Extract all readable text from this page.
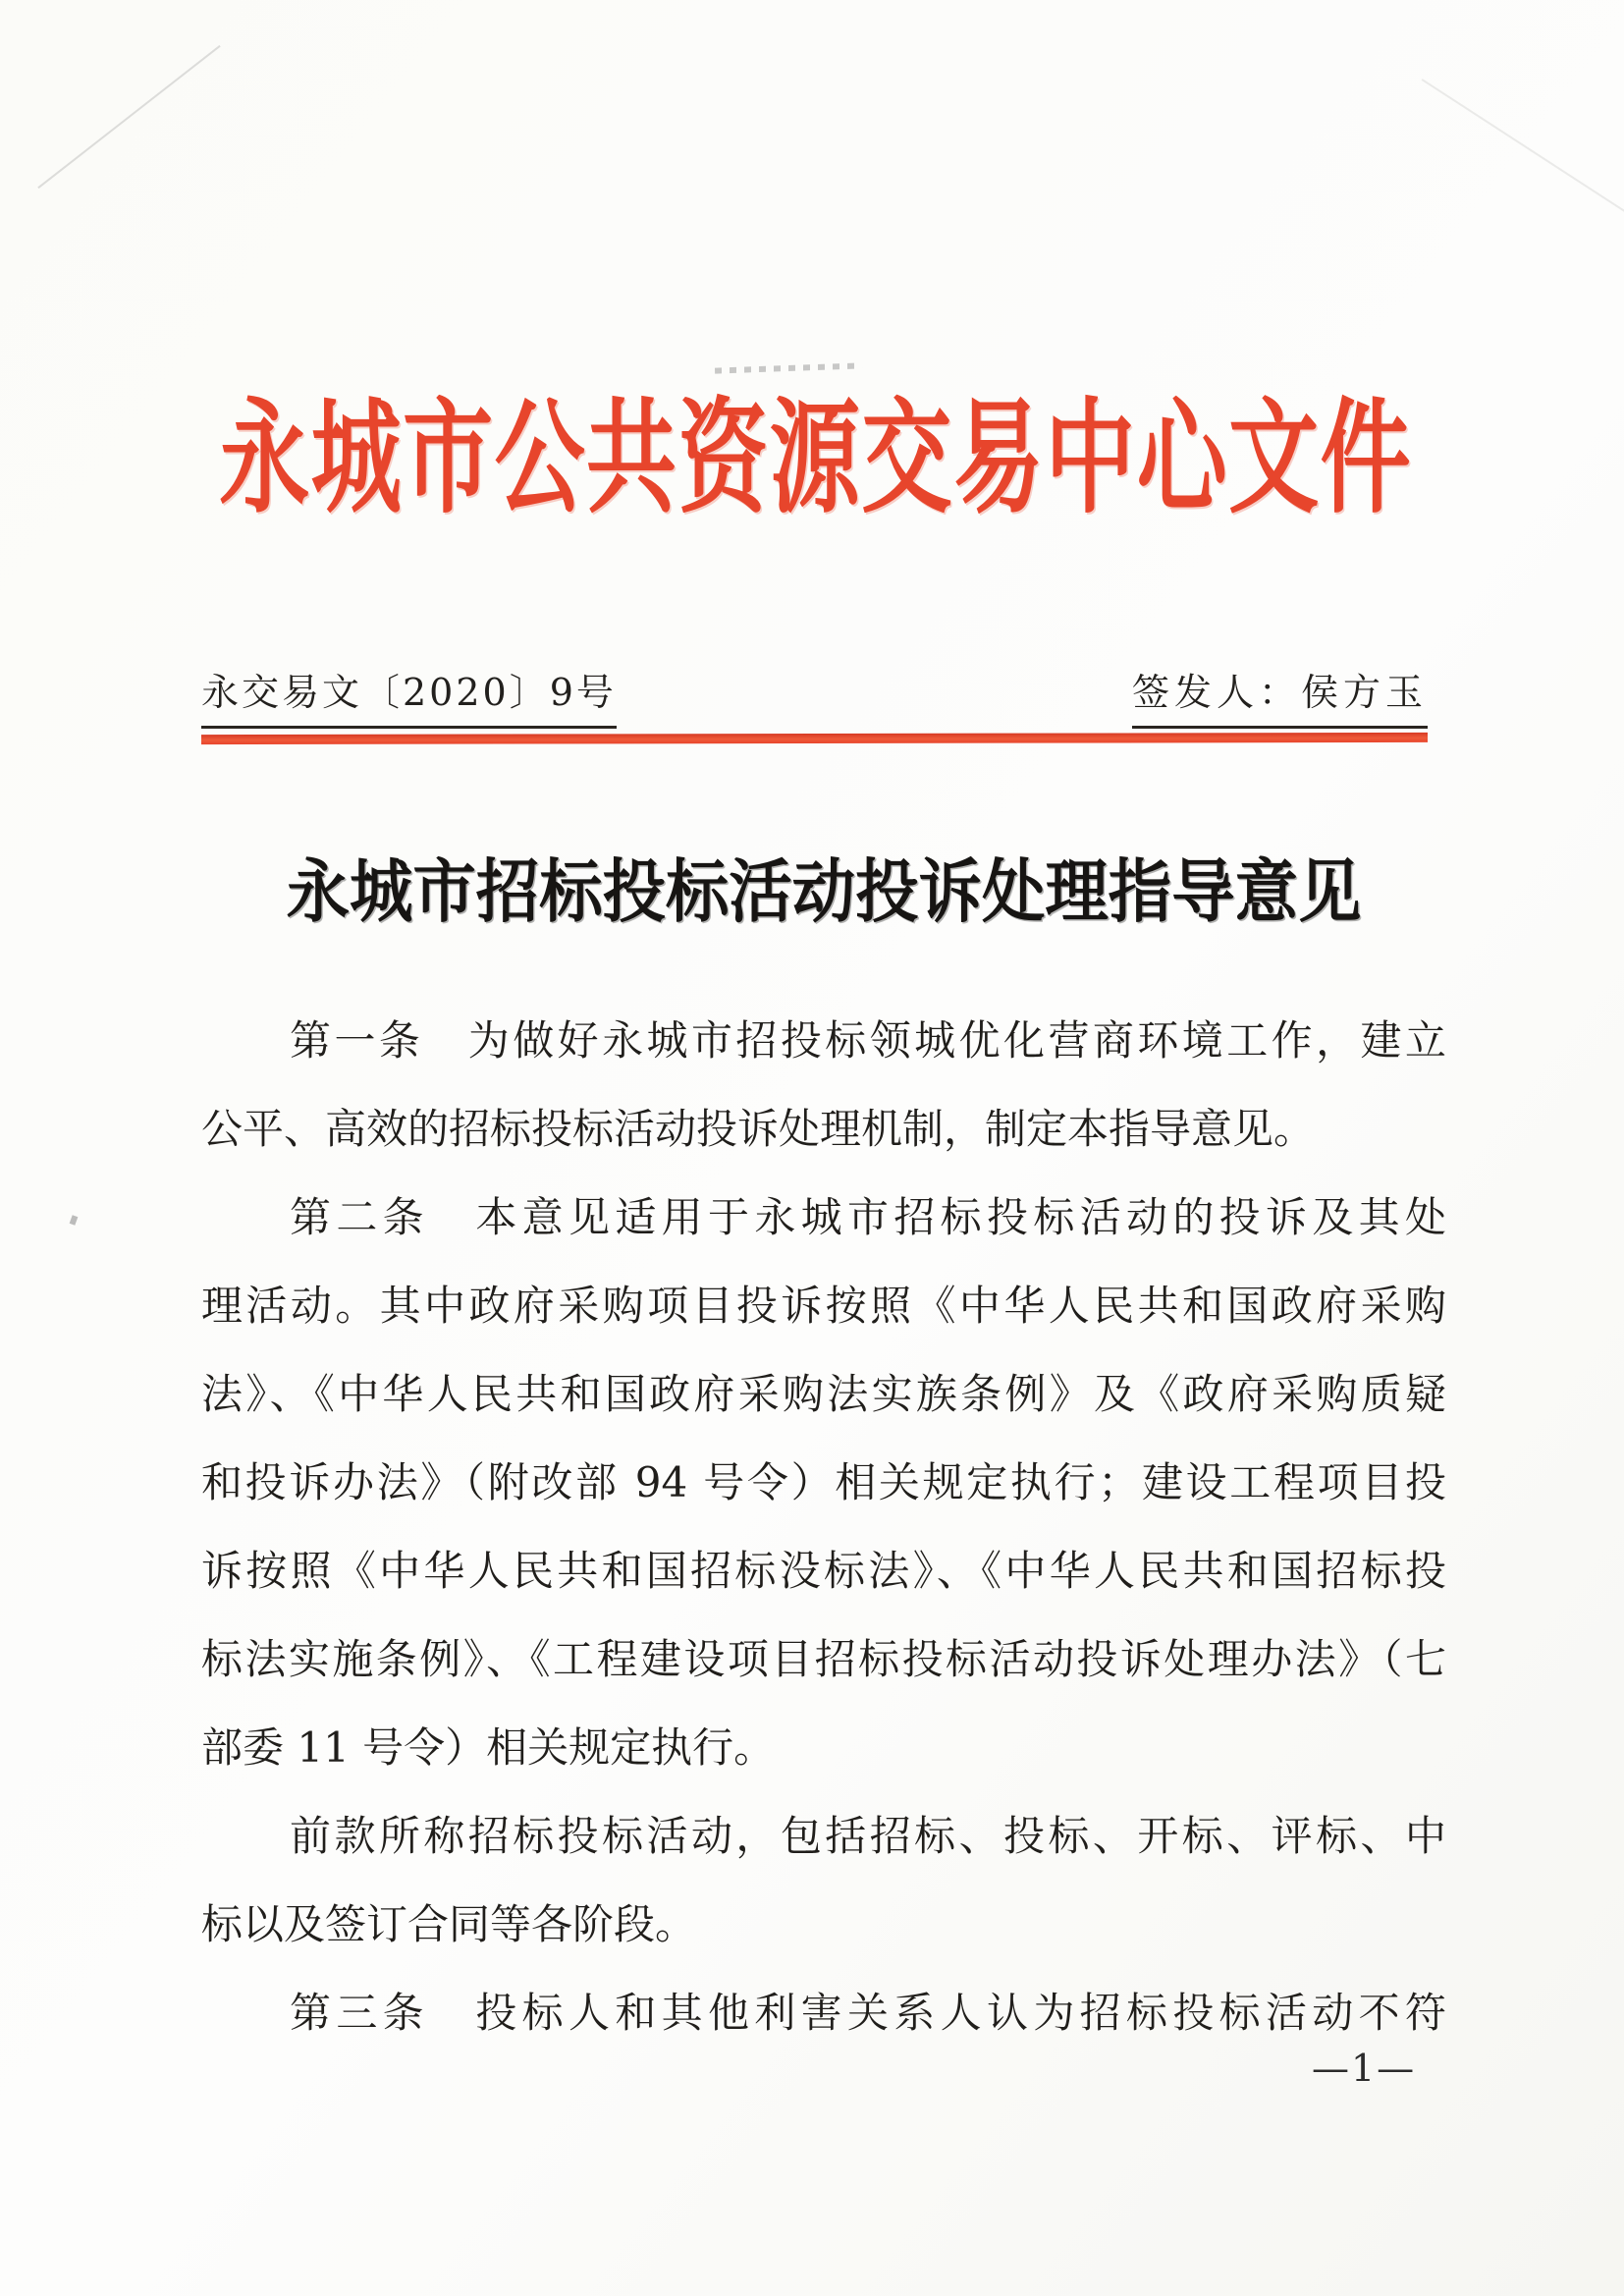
永城市公共资源交易中心文件
永交易文〔2020〕9号	签发人：侯方玉
永城市招标投标活动投诉处理指导意见
第一条　为做好永城市招投标领城优化营商环境工作，建立
公平、高效的招标投标活动投诉处理机制，制定本指导意见。
第二条　本意见适用于永城市招标投标活动的投诉及其处
理活动。其中政府采购项目投诉按照《中华人民共和国政府采购
法》、《中华人民共和国政府采购法实族条例》及《政府采购质疑
和投诉办法》（附改部 94 号令）相关规定执行；建设工程项目投
诉按照《中华人民共和国招标没标法》、《中华人民共和国招标投
标法实施条例》、《工程建设项目招标投标活动投诉处理办法》（七
部委 11 号令）相关规定执行。
前款所称招标投标活动，包括招标、投标、开标、评标、中
标以及签订合同等各阶段。
第三条　投标人和其他利害关系人认为招标投标活动不符
—1—
